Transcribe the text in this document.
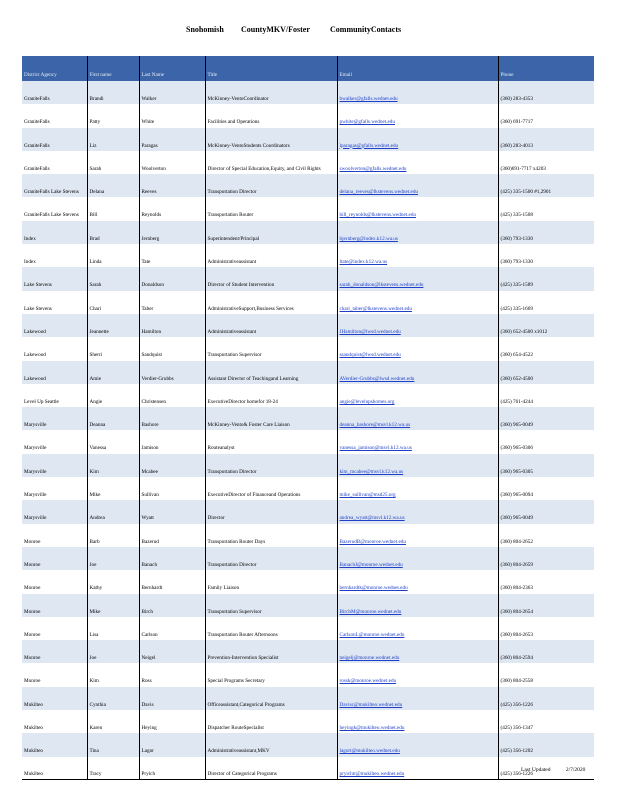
Snohomish CountyMKV/Foster	CommunityContacts
District Agency	First name	Last Name	Title	Email	Phone
GraniteFalls	Brandi	Walker	McKinney-VentoCoordinator	bwalker@gfalls.wednet.edu	(360) 283-4353
GraniteFalls	Patty	White	Facilities and Operations	pwhite@gfalls.wednet.edu	(360) 691-7717
GraniteFalls	Liz	Paragas	McKinney-VentoStudents Coordinators	lparagas@gfalls.wednet.edu	(360) 283-4013
GraniteFalls	Sarah	Woolverton	Director of Special Education,Equity, and Civil Rights	swoolverton@gfalls.wednet.edu	(360)691-7717 x4203
GraniteFalls Lake Stevens	Delana	Reeves	Transportation Director	delana_reeves@lkstevens.wednet.edu	(425) 335-1500 #1,2901
GraniteFalls Lake Stevens	Bill	Reynolds	Transportation Router	bill_reynolds@lkstevens.wednet.edu	(425) 335-1508
Index	Brad	Jernberg	Superintendent/Principal	bjernberg@index.k12.wa.us	(360) 793-1330
Index	Linda	Tate	Administrativeassistant	ltate@index.k12.wa.us	(360) 793-1330
Lake Stevens	Sarah	Donaldson	Director of Student Intervention	sarah_donaldson@lkstevens.wednet.edu	(425) 335-1589
Lake Stevens	Chari	Taber	AdministrativeSupport,Business Services	chari_taber@lkstevens.wednet.edu	(425) 335-1669
Lakewood	Jeannette	Hamilton	Administrativeassistant	JHamilton@lwsd.wednet.edu	(360) 652-4500 x1012
Lakewood	Sherri	Sandquist	Transportation Supervisor	ssandquist@lwsd.wednet.edu	(360) 654-4522
Lakewood	Amie	Verdier-Grubbs	Assistant Director of Teachingand Learning	AVerdier-Grubbs@lwsd.wednet.edu	(360) 652-4500
Level Up Seattle	Angie	Christensen	ExecutiveDirector homefor 18-24	angie@levelupshomes.org	(425) 761-4244
Marysville	Deanna	Bashore	McKinney-Vento& Foster Care Liaison	deanna_bashore@msvl.k12.wa.us	(360) 965-0049
Marysville	Vanessa	Jamison	Routeanalyst	vanessa_jamison@msvl.k12.wa.us	(360) 965-0306
Marysville	Kim	Mcabee	Transportation Director	kim_mcabee@msvl.k12.wa.us	(360) 965-0305
Marysville	Mike	Sullivan	ExecutiveDirector of Financeand Operations	mike_sullivan@msd25.org	(360) 965-0094
Marysville	Andrea	Wyatt	Director	andrea_wyatt@msvl.k12.wa.us	(360) 965-0049
Monroe	Barb	Bazerud	Transportation Router Days	BazerudB@monroe.wednet.edu	(360) 804-2652
Monroe	Joe	Banach	Transportation Director	BanachJ@monroe.wednet.edu	(360) 804-2659
Monroe	Kathy	Bernhardt	Family Liaison	bernhardtk@monroe.wednet.edu	(360) 804-2363
Monroe	Mike	Birch	Transportation Supervisor	BirchM@monroe.wednet.edu	(360) 804-2654
Monroe	Lisa	Carlson	Transportation Router Afternoons	CarlsonL@monroe.wednet.edu	(360) 804-2653
Monroe	Joe	Neigel	Prevention-Intervention Specialist	neigelj@monroe.wednet.edu	(360) 804-2594
Monroe	Kim	Ross	Special Programs Secretary	rossk@monroe.wednet.edu	(360) 804-2558
Mukilteo	Cynthia	Davis	Officeassistant,Categorical Programs	Davisc@mukilteo.wednet.edu	(425) 356-1226
Mukilteo	Karen	Heying	Dispatcher RouteSpecialist	heyingk@mukilteo.wednet.edu	(425) 356-1347
Mukilteo	Tina	Lagor	Administrativeassistant,MKV	lagort@mukilteo.wednet.edu	(425) 356-1202
Mukilteo	Tracy	Pryich	Director of Categorical Programs	pryichtr@mukilteo.wednet.edu	(425) 356-1226
Last Updated	2/7/2020
